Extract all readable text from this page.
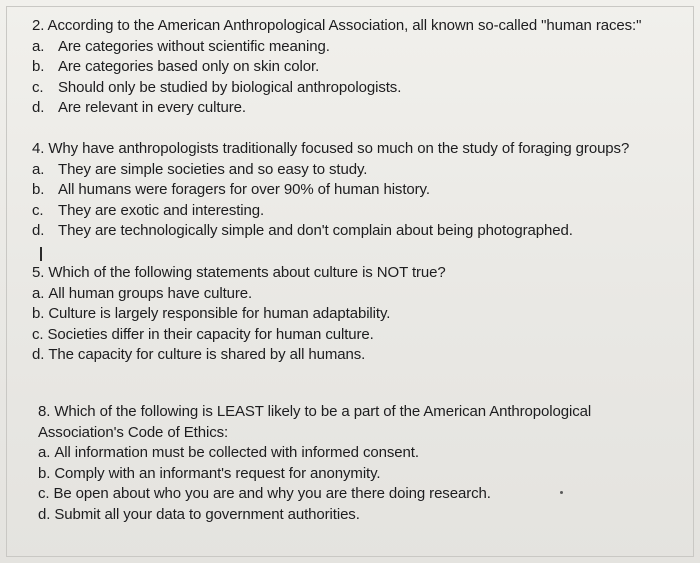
2. According to the American Anthropological Association, all known so-called "human races:"
a. Are categories without scientific meaning.
b. Are categories based only on skin color.
c. Should only be studied by biological anthropologists.
d. Are relevant in every culture.
4. Why have anthropologists traditionally focused so much on the study of foraging groups?
a. They are simple societies and so easy to study.
b. All humans were foragers for over 90% of human history.
c. They are exotic and interesting.
d. They are technologically simple and don't complain about being photographed.
5. Which of the following statements about culture is NOT true?
a. All human groups have culture.
b. Culture is largely responsible for human adaptability.
c. Societies differ in their capacity for human culture.
d. The capacity for culture is shared by all humans.
8. Which of the following is LEAST likely to be a part of the American Anthropological
Association's Code of Ethics:
a. All information must be collected with informed consent.
b. Comply with an informant's request for anonymity.
c. Be open about who you are and why you are there doing research.
d. Submit all your data to government authorities.
